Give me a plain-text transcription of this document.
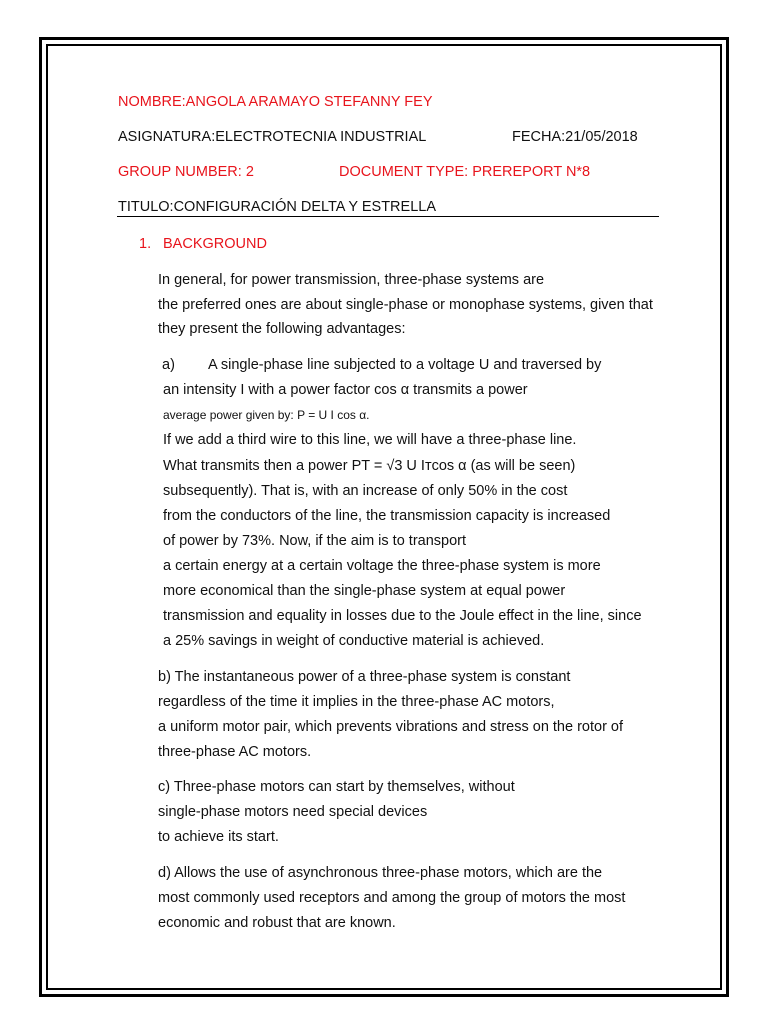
NOMBRE:ANGOLA ARAMAYO STEFANNY FEY
ASIGNATURA:ELECTROTECNIA INDUSTRIAL	FECHA:21/05/2018
GROUP NUMBER: 2	DOCUMENT TYPE: PREREPORT N*8
TITULO:CONFIGURACIÓN DELTA Y ESTRELLA
1. BACKGROUND
In general, for power transmission, three-phase systems are
the preferred ones are about single-phase or monophase systems, given that
they present the following advantages:
a) A single-phase line subjected to a voltage U and traversed by
an intensity I with a power factor cos α transmits a power
average power given by: P = U I cos α.
If we add a third wire to this line, we will have a three-phase line.
What transmits then a power PT = √3 U Iᴛcos α (as will be seen)
subsequently). That is, with an increase of only 50% in the cost
from the conductors of the line, the transmission capacity is increased
of power by 73%. Now, if the aim is to transport
a certain energy at a certain voltage the three-phase system is more
more economical than the single-phase system at equal power
transmission and equality in losses due to the Joule effect in the line, since
a 25% savings in weight of conductive material is achieved.
b) The instantaneous power of a three-phase system is constant
regardless of the time it implies in the three-phase AC motors,
a uniform motor pair, which prevents vibrations and stress on the rotor of
three-phase AC motors.
c) Three-phase motors can start by themselves, without
single-phase motors need special devices
to achieve its start.
d) Allows the use of asynchronous three-phase motors, which are the
most commonly used receptors and among the group of motors the most
economic and robust that are known.
